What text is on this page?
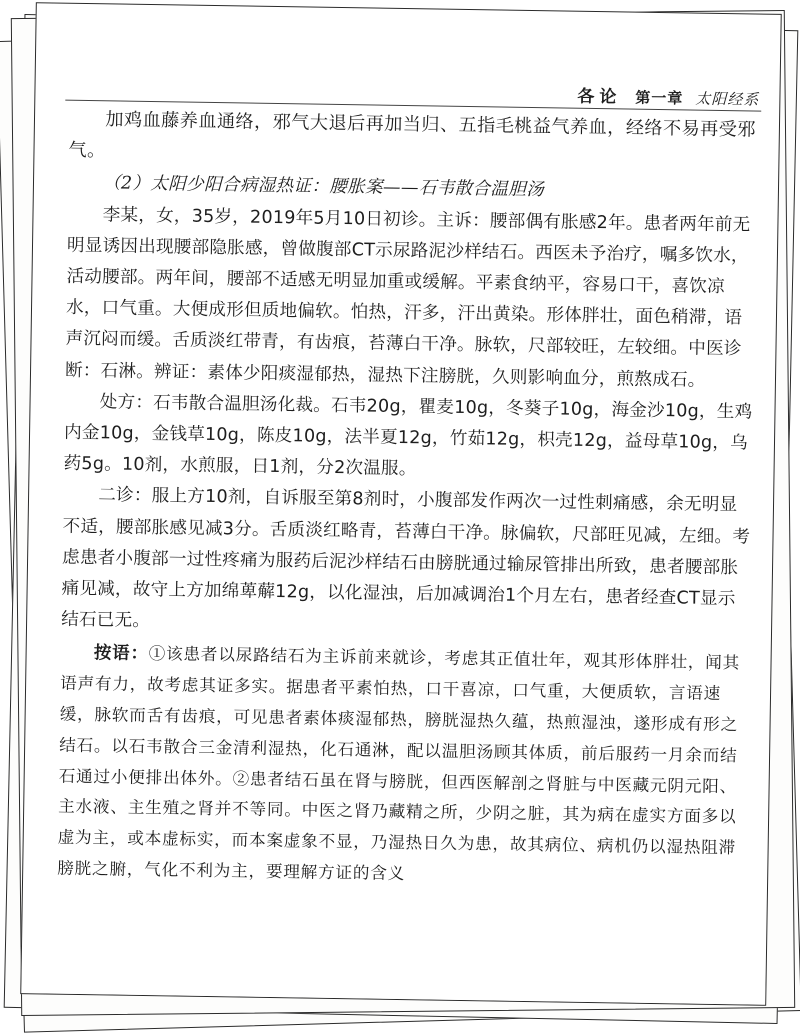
各论 第一章 太阳经系

加鸡血藤养血通络，邪气大退后再加当归、五指毛桃益气养血，经络不易再受邪气。

（2）太阳少阳合病湿热证：腰胀案——石韦散合温胆汤

李某，女，35岁，2019年5月10日初诊。主诉：腰部偶有胀感2年。患者两年前无明显诱因出现腰部隐胀感，曾做腹部CT示尿路泥沙样结石。西医未予治疗，嘱多饮水，活动腰部。两年间，腰部不适感无明显加重或缓解。平素食纳平，容易口干，喜饮凉水，口气重。大便成形但质地偏软。怕热，汗多，汗出黄染。形体胖壮，面色稍滞，语声沉闷而缓。舌质淡红带青，有齿痕，苔薄白干净。脉软，尺部较旺，左较细。中医诊断：石淋。辨证：素体少阳痰湿郁热，湿热下注膀胱，久则影响血分，煎熬成石。

处方：石韦散合温胆汤化裁。石韦20g，瞿麦10g，冬葵子10g，海金沙10g，生鸡内金10g，金钱草10g，陈皮10g，法半夏12g，竹茹12g，枳壳12g，益母草10g，乌药5g。10剂，水煎服，日1剂，分2次温服。

二诊：服上方10剂，自诉服至第8剂时，小腹部发作两次一过性刺痛感，余无明显不适，腰部胀感见减3分。舌质淡红略青，苔薄白干净。脉偏软，尺部旺见减，左细。考虑患者小腹部一过性疼痛为服药后泥沙样结石由膀胱通过输尿管排出所致，患者腰部胀痛见减，故守上方加绵萆薢12g，以化湿浊，后加减调治1个月左右，患者经查CT显示结石已无。

按语：①该患者以尿路结石为主诉前来就诊，考虑其正值壮年，观其形体胖壮，闻其语声有力，故考虑其证多实。据患者平素怕热，口干喜凉，口气重，大便质软，言语速缓，脉软而舌有齿痕，可见患者素体痰湿郁热，膀胱湿热久蕴，热煎湿浊，遂形成有形之结石。以石韦散合三金清利湿热，化石通淋，配以温胆汤顾其体质，前后服药一月余而结石通过小便排出体外。②患者结石虽在肾与膀胱，但西医解剖之肾脏与中医藏元阴元阳、主水液、主生殖之肾并不等同。中医之肾乃藏精之所，少阴之脏，其为病在虚实方面多以虚为主，或本虚标实，而本案虚象不显，乃湿热日久为患，故其病位、病机仍以湿热阻滞膀胱之腑，气化不利为主，要理解方证的含义
